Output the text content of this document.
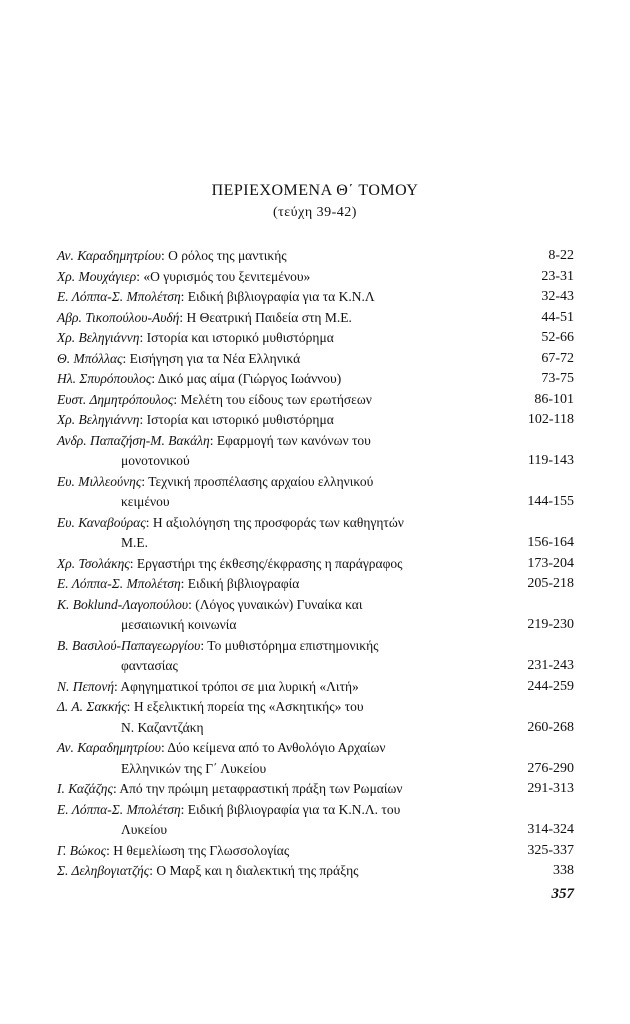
ΠΕΡΙΕΧΟΜΕΝΑ Θ΄ ΤΟΜΟΥ
(τεύχη 39-42)
Αν. Καραδημητρίου: Ο ρόλος της μαντικής	8-22
Χρ. Μουχάγιερ: «Ο γυρισμός του ξενιτεμένου»	23-31
Ε. Λόππα-Σ. Μπολέτση: Ειδική βιβλιογραφία για τα Κ.Ν.Λ	32-43
Αβρ. Τικοπούλου-Αυδή: Η Θεατρική Παιδεία στη Μ.Ε.	44-51
Χρ. Βεληγιάννη: Ιστορία και ιστορικό μυθιστόρημα	52-66
Θ. Μπόλλας: Εισήγηση για τα Νέα Ελληνικά	67-72
Ηλ. Σπυρόπουλος: Δικό μας αίμα (Γιώργος Ιωάννου)	73-75
Ευστ. Δημητρόπουλος: Μελέτη του είδους των ερωτήσεων	86-101
Χρ. Βεληγιάννη: Ιστορία και ιστορικό μυθιστόρημα	102-118
Ανδρ. Παπαζήση-Μ. Βακάλη: Εφαρμογή των κανόνων του
μονοτονικού	119-143
Ευ. Μιλλεούνης: Τεχνική προσπέλασης αρχαίου ελληνικού
κειμένου	144-155
Ευ. Καναβούρας: Η αξιολόγηση της προσφοράς των καθηγητών
Μ.Ε.	156-164
Χρ. Τσολάκης: Εργαστήρι της έκθεσης/έκφρασης η παράγραφος	173-204
Ε. Λόππα-Σ. Μπολέτση: Ειδική βιβλιογραφία	205-218
Κ. Boklund-Λαγοπούλου: (Λόγος γυναικών) Γυναίκα και
μεσαιωνική κοινωνία	219-230
Β. Βασιλού-Παπαγεωργίου: Το μυθιστόρημα επιστημονικής
φαντασίας	231-243
Ν. Πεπονή: Αφηγηματικοί τρόποι σε μια λυρική «Λιτή»	244-259
Δ. Α. Σακκής: Η εξελικτική πορεία της «Ασκητικής» του
Ν. Καζαντζάκη	260-268
Αν. Καραδημητρίου: Δύο κείμενα από το Ανθολόγιο Αρχαίων
Ελληνικών της Γ΄ Λυκείου	276-290
Ι. Καζάζης: Από την πρώιμη μεταφραστική πράξη των Ρωμαίων	291-313
Ε. Λόππα-Σ. Μπολέτση: Ειδική βιβλιογραφία για τα Κ.Ν.Λ. του
Λυκείου	314-324
Γ. Βώκος: Η θεμελίωση της Γλωσσολογίας	325-337
Σ. Δεληβογιατζής: Ο Μαρξ και η διαλεκτική της πράξης	338
357
